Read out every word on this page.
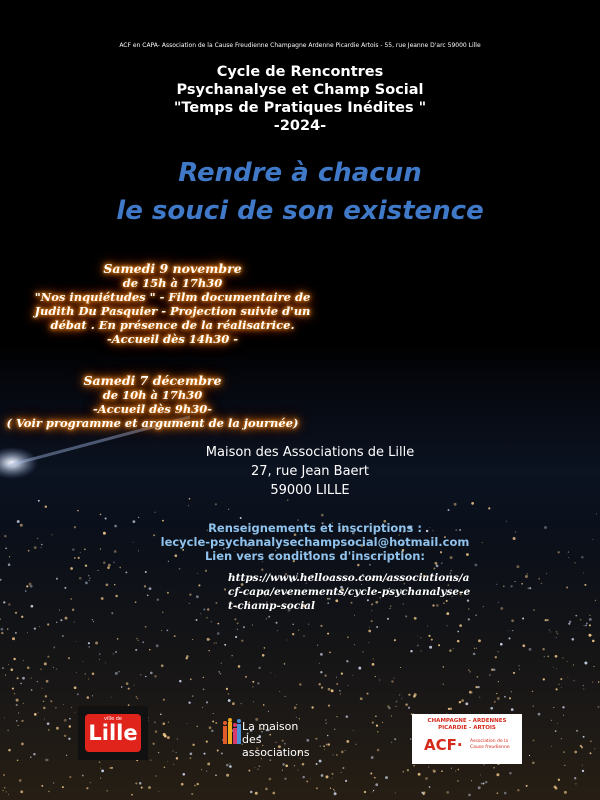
ACF en CAPA- Association de la Cause Freudienne Champagne Ardenne Picardie Artois - 55, rue Jeanne D'arc 59000 Lille
Cycle de Rencontres
Psychanalyse et Champ Social
"Temps de Pratiques Inédites "
-2024-
Rendre à chacun
le souci de son existence
Samedi 9 novembre
de 15h à 17h30
"Nos inquiétudes " - Film documentaire de
Judith Du Pasquier - Projection suivie d'un
débat . En présence de la réalisatrice.
-Accueil dès 14h30 -
Samedi 7 décembre
de 10h à 17h30
-Accueil dès 9h30-
( Voir programme et argument de la journée)
Maison des Associations de Lille
27, rue Jean Baert
59000 LILLE
Renseignements et inscriptions :
lecycle-psychanalysechampsocial@hotmail.com
Lien vers conditions d'inscription:
https://www.helloasso.com/associations/a
cf-capa/evenements/cycle-psychanalyse-e
t-champ-social
ville de
Lille	La maison
des associations
CHAMPAGNE - ARDENNES
PICARDIE - ARTOIS
ACF· Association de la Cause freudienne
